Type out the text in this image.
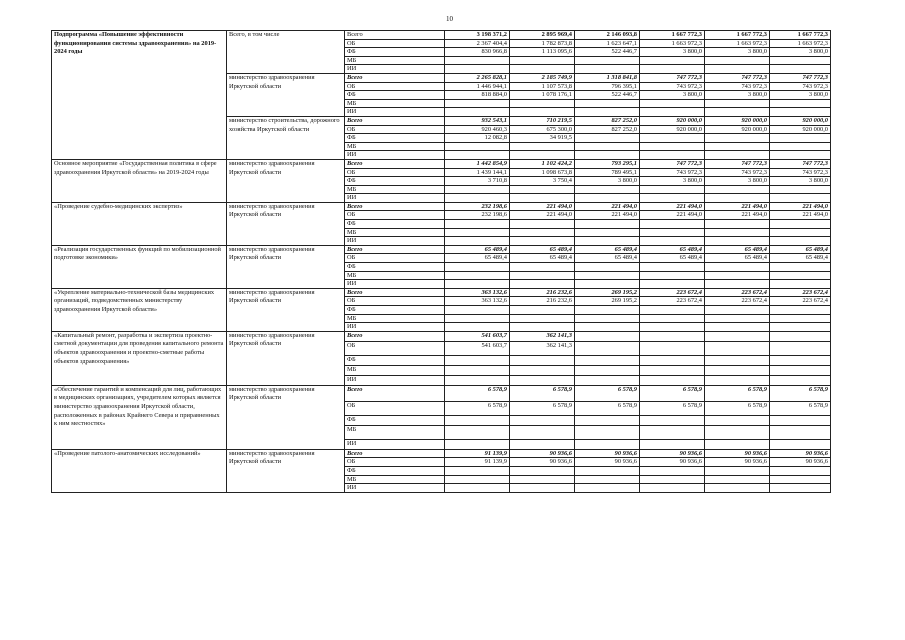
10
Подпрограмма «Повышение эффективности функционирования системы здравоохранения» на 2019-2024 годы	Всего, в том числе	Всего	3 198 371,2	2 895 969,4	2 146 093,8	1 667 772,3	1 667 772,3	1 667 772,3
		ОБ	2 367 404,4	1 782 873,8	1 623 647,1	1 663 972,3	1 663 972,3	1 663 972,3
		ФБ	830 966,8	1 113 095,6	522 446,7	3 800,0	3 800,0	3 800,0
		МБ						
		ИИ						
	министерство здравоохранения Иркутской области	Всего	2 265 828,1	2 185 749,9	1 318 841,8	747 772,3	747 772,3	747 772,3
		ОБ	1 446 944,1	1 107 573,8	796 395,1	743 972,3	743 972,3	743 972,3
		ФБ	818 884,0	1 078 176,1	522 446,7	3 800,0	3 800,0	3 800,0
		МБ						
		ИИ						
	министерство строительства, дорожного хозяйства Иркутской области	Всего	932 543,1	710 219,5	827 252,0	920 000,0	920 000,0	920 000,0
		ОБ	920 460,3	675 300,0	827 252,0	920 000,0	920 000,0	920 000,0
		ФБ	12 082,8	34 919,5				
		МБ						
		ИИ						
Основное мероприятие «Государственная политика в сфере здравоохранения Иркутской области» на 2019-2024 годы	министерство здравоохранения Иркутской области	Всего	1 442 854,9	1 102 424,2	793 295,1	747 772,3	747 772,3	747 772,3
		ОБ	1 439 144,1	1 098 673,8	789 495,1	743 972,3	743 972,3	743 972,3
		ФБ	3 710,8	3 750,4	3 800,0	3 800,0	3 800,0	3 800,0
		МБ						
		ИИ						
«Проведение судебно-медицинских экспертиз»	министерство здравоохранения Иркутской области	Всего	232 198,6	221 494,0	221 494,0	221 494,0	221 494,0	221 494,0
		ОБ	232 198,6	221 494,0	221 494,0	221 494,0	221 494,0	221 494,0
		ФБ						
		МБ						
		ИИ						
«Реализация государственных функций по мобилизационной подготовке экономики»	министерство здравоохранения Иркутской области	Всего	65 489,4	65 489,4	65 489,4	65 489,4	65 489,4	65 489,4
		ОБ	65 489,4	65 489,4	65 489,4	65 489,4	65 489,4	65 489,4
		ФБ						
		МБ						
		ИИ						
«Укрепление материально-технической базы медицинских организаций, подведомственных министерству здравоохранения Иркутской области»	министерство здравоохранения Иркутской области	Всего	363 132,6	216 232,6	269 195,2	223 672,4	223 672,4	223 672,4
		ОБ	363 132,6	216 232,6	269 195,2	223 672,4	223 672,4	223 672,4
		ФБ						
		МБ						
		ИИ						
«Капитальный ремонт, разработка и экспертиза проектно-сметной документации для проведения капитального ремонта объектов здравоохранения и проектно-сметные работы объектов здравоохранения»	министерство здравоохранения Иркутской области	Всего	541 603,7	362 141,3				
		ОБ	541 603,7	362 141,3				
		ФБ						
		МБ						
		ИИ						
«Обеспечение гарантий и компенсаций для лиц, работающих в медицинских организациях, учредителем которых является министерство здравоохранения Иркутской области, расположенных в районах Крайнего Севера и приравненных к ним местностях»	министерство здравоохранения Иркутской области	Всего	6 578,9	6 578,9	6 578,9	6 578,9	6 578,9	6 578,9
		ОБ	6 578,9	6 578,9	6 578,9	6 578,9	6 578,9	6 578,9
		ФБ						
		МБ						
		ИИ						
«Проведение патолого-анатомических исследований»	министерство здравоохранения Иркутской области	Всего	91 139,9	90 936,6	90 936,6	90 936,6	90 936,6	90 936,6
		ОБ	91 139,9	90 936,6	90 936,6	90 936,6	90 936,6	90 936,6
		ФБ						
		МБ						
		ИИ						
